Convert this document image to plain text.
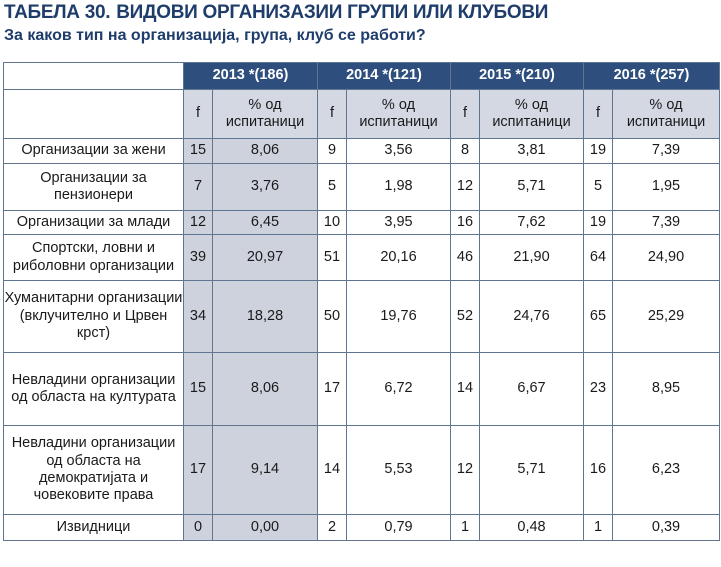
ТАБЕЛА 30. ВИДОВИ ОРГАНИЗАЗИИ ГРУПИ ИЛИ КЛУБОВИ
За каков тип на организација, група, клуб се работи?
	2013 *(186)		2014 *(121)		2015 *(210)		2016 *(257)	
	f	% од испитаници	f	% од испитаници	f	% од испитаници	f	% од испитаници
Организации за жени	15	8,06	9	3,56	8	3,81	19	7,39
Организации за пензионери	7	3,76	5	1,98	12	5,71	5	1,95
Организации за млади	12	6,45	10	3,95	16	7,62	19	7,39
Спортски, ловни и риболовни организации	39	20,97	51	20,16	46	21,90	64	24,90
Хуманитарни организации (вклучително и Црвен крст)	34	18,28	50	19,76	52	24,76	65	25,29
Невладини организации од областа на културата	15	8,06	17	6,72	14	6,67	23	8,95
Невладини организации од областа на демократијата и човековите права	17	9,14	14	5,53	12	5,71	16	6,23
Извидници	0	0,00	2	0,79	1	0,48	1	0,39
